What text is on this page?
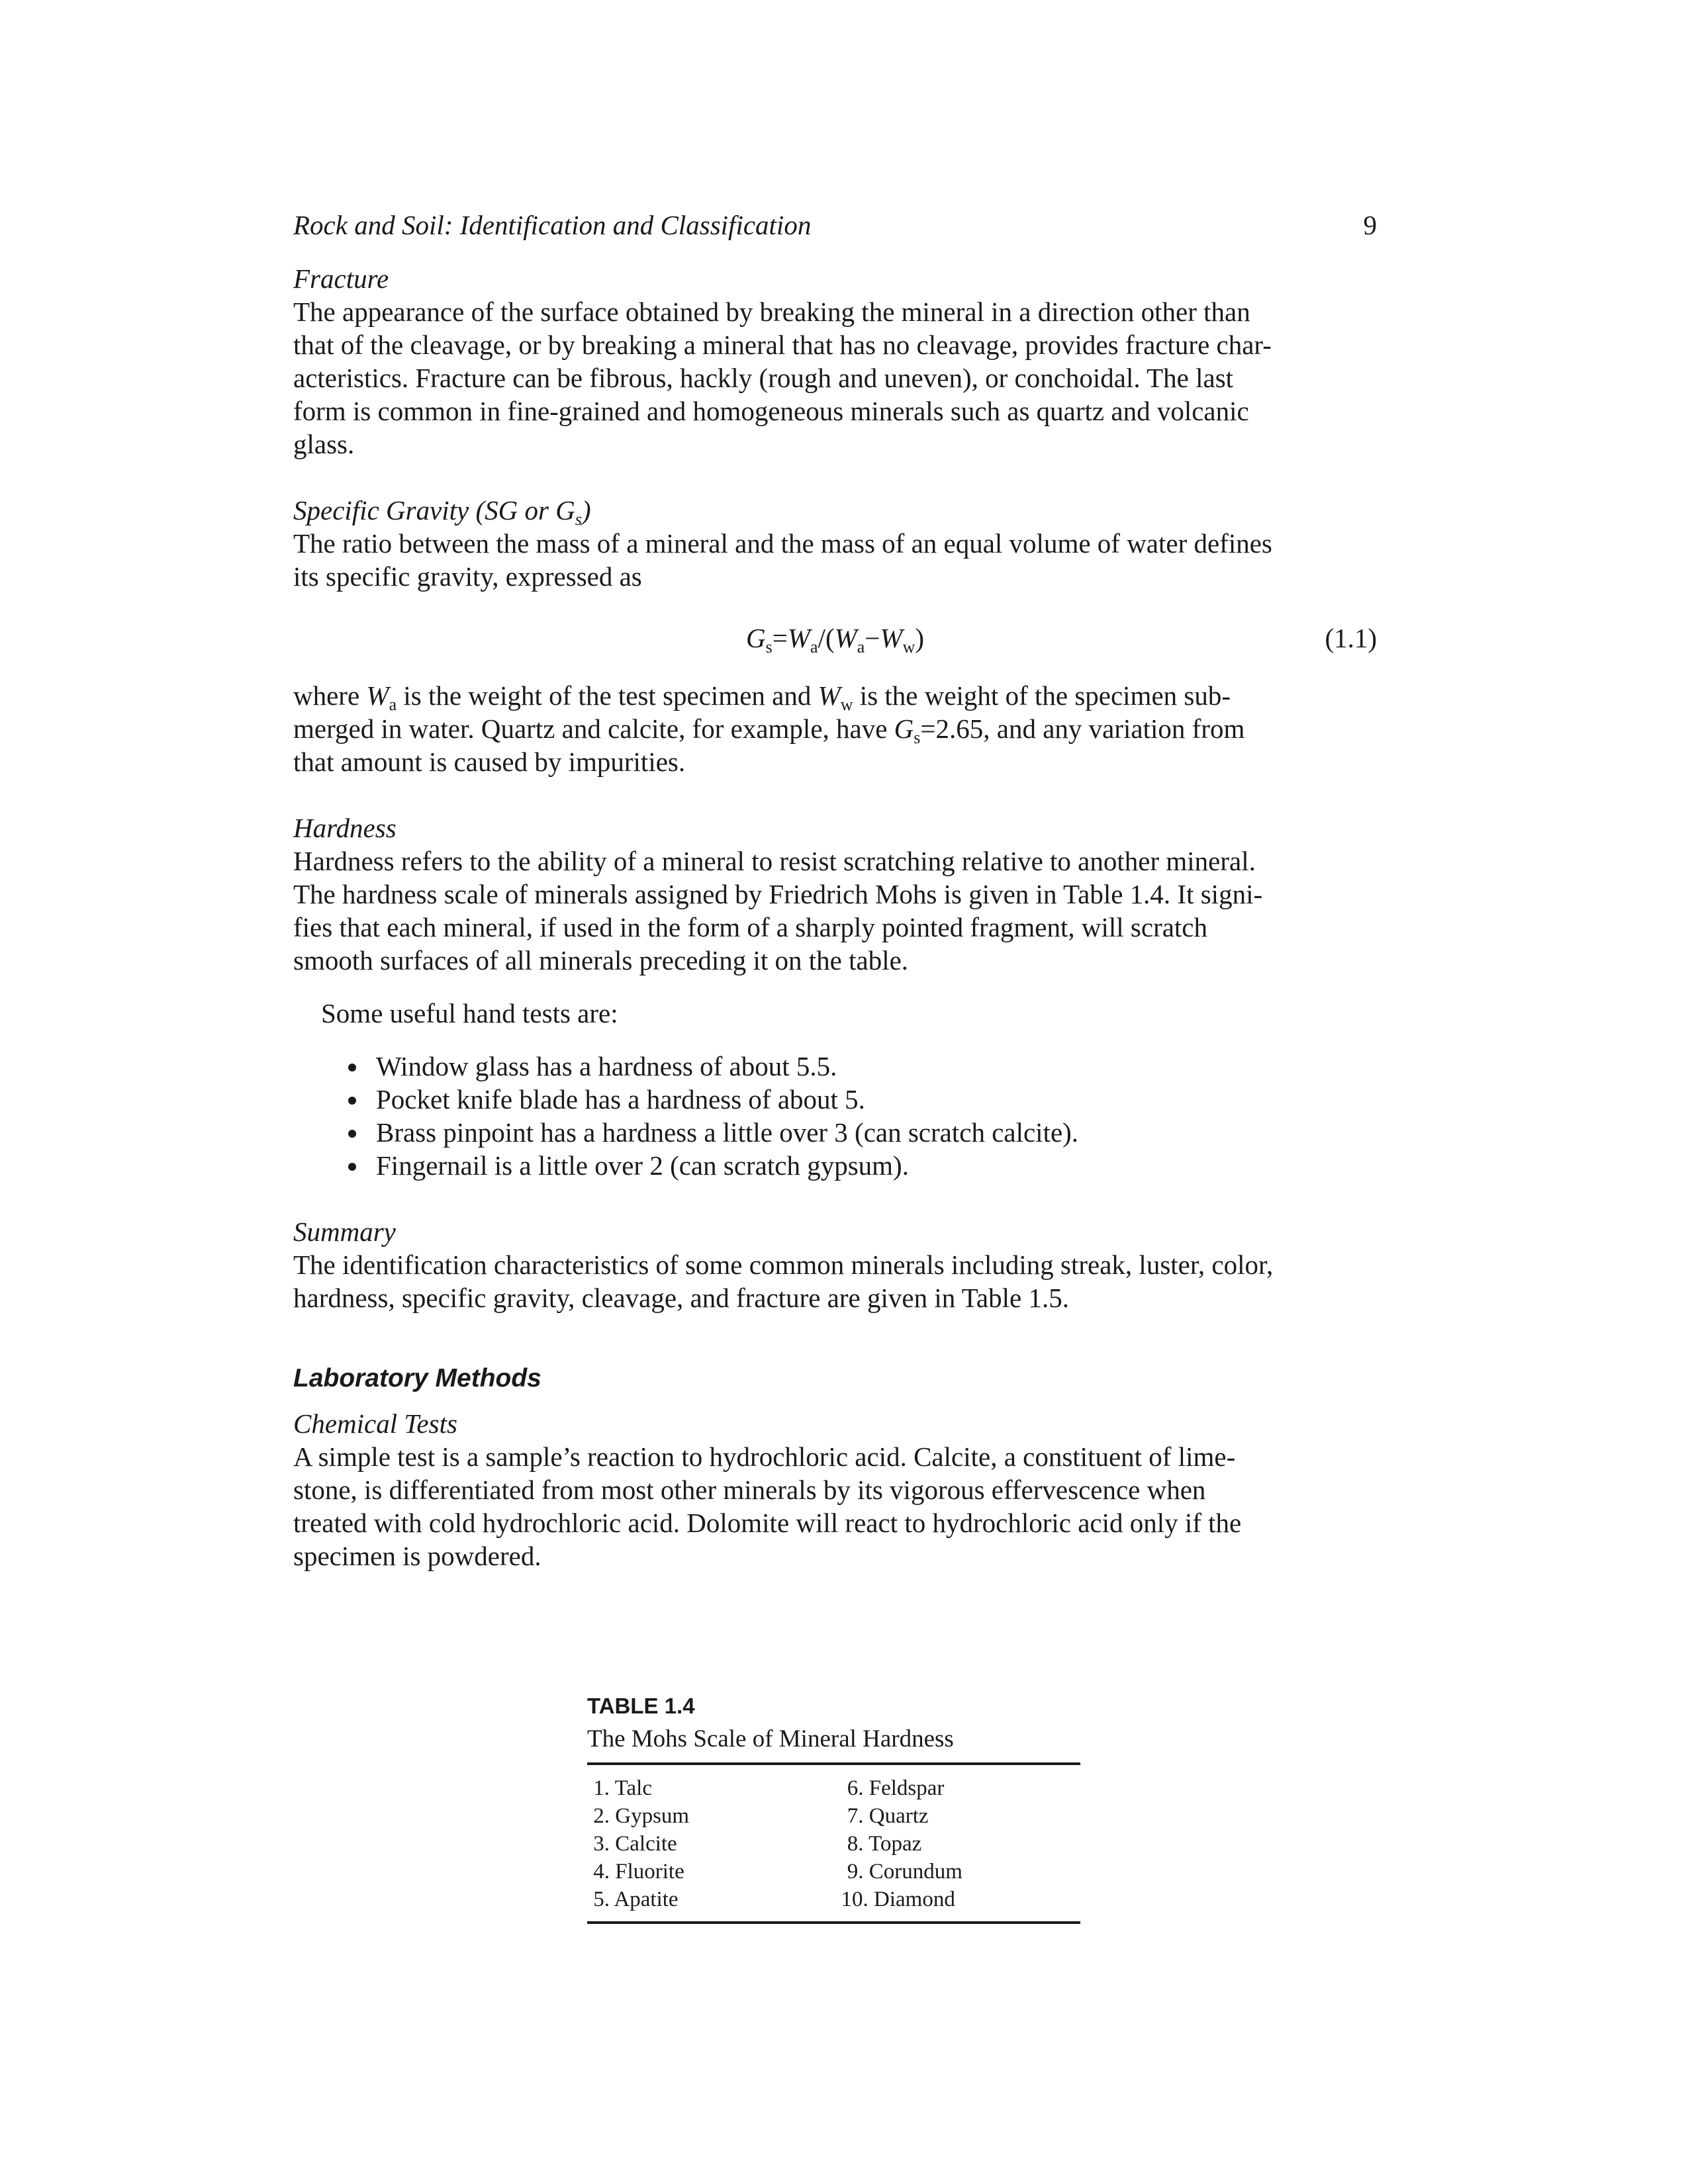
Rock and Soil: Identification and Classification	9

Fracture

The appearance of the surface obtained by breaking the mineral in a direction other than
that of the cleavage, or by breaking a mineral that has no cleavage, provides fracture char-
acteristics. Fracture can be fibrous, hackly (rough and uneven), or conchoidal. The last
form is common in fine-grained and homogeneous minerals such as quartz and volcanic
glass.

Specific Gravity (SG or $G_s$)

The ratio between the mass of a mineral and the mass of an equal volume of water defines
its specific gravity, expressed as
$G_s=W_a/(W_a-W_w)$	(1.1)
where $W_a$ is the weight of the test specimen and $W_w$ is the weight of the specimen sub-
merged in water. Quartz and calcite, for example, have $G_s=2.65$, and any variation from
that amount is caused by impurities.

Hardness

Hardness refers to the ability of a mineral to resist scratching relative to another mineral.
The hardness scale of minerals assigned by Friedrich Mohs is given in Table 1.4. It signi-
fies that each mineral, if used in the form of a sharply pointed fragment, will scratch
smooth surfaces of all minerals preceding it on the table.
Some useful hand tests are:
Window glass has a hardness of about 5.5.
Pocket knife blade has a hardness of about 5.
Brass pinpoint has a hardness a little over 3 (can scratch calcite).
Fingernail is a little over 2 (can scratch gypsum).

Summary

The identification characteristics of some common minerals including streak, luster, color,
hardness, specific gravity, cleavage, and fracture are given in Table 1.5.

Laboratory Methods

Chemical Tests

A simple test is a sample’s reaction to hydrochloric acid. Calcite, a constituent of lime-
stone, is differentiated from most other minerals by its vigorous effervescence when
treated with cold hydrochloric acid. Dolomite will react to hydrochloric acid only if the
specimen is powdered.
TABLE 1.4
The Mohs Scale of Mineral Hardness
1. Talc
2. Gypsum
3. Calcite
4. Fluorite
5. Apatite
6. Feldspar
7. Quartz
8. Topaz
9. Corundum
10. Diamond
